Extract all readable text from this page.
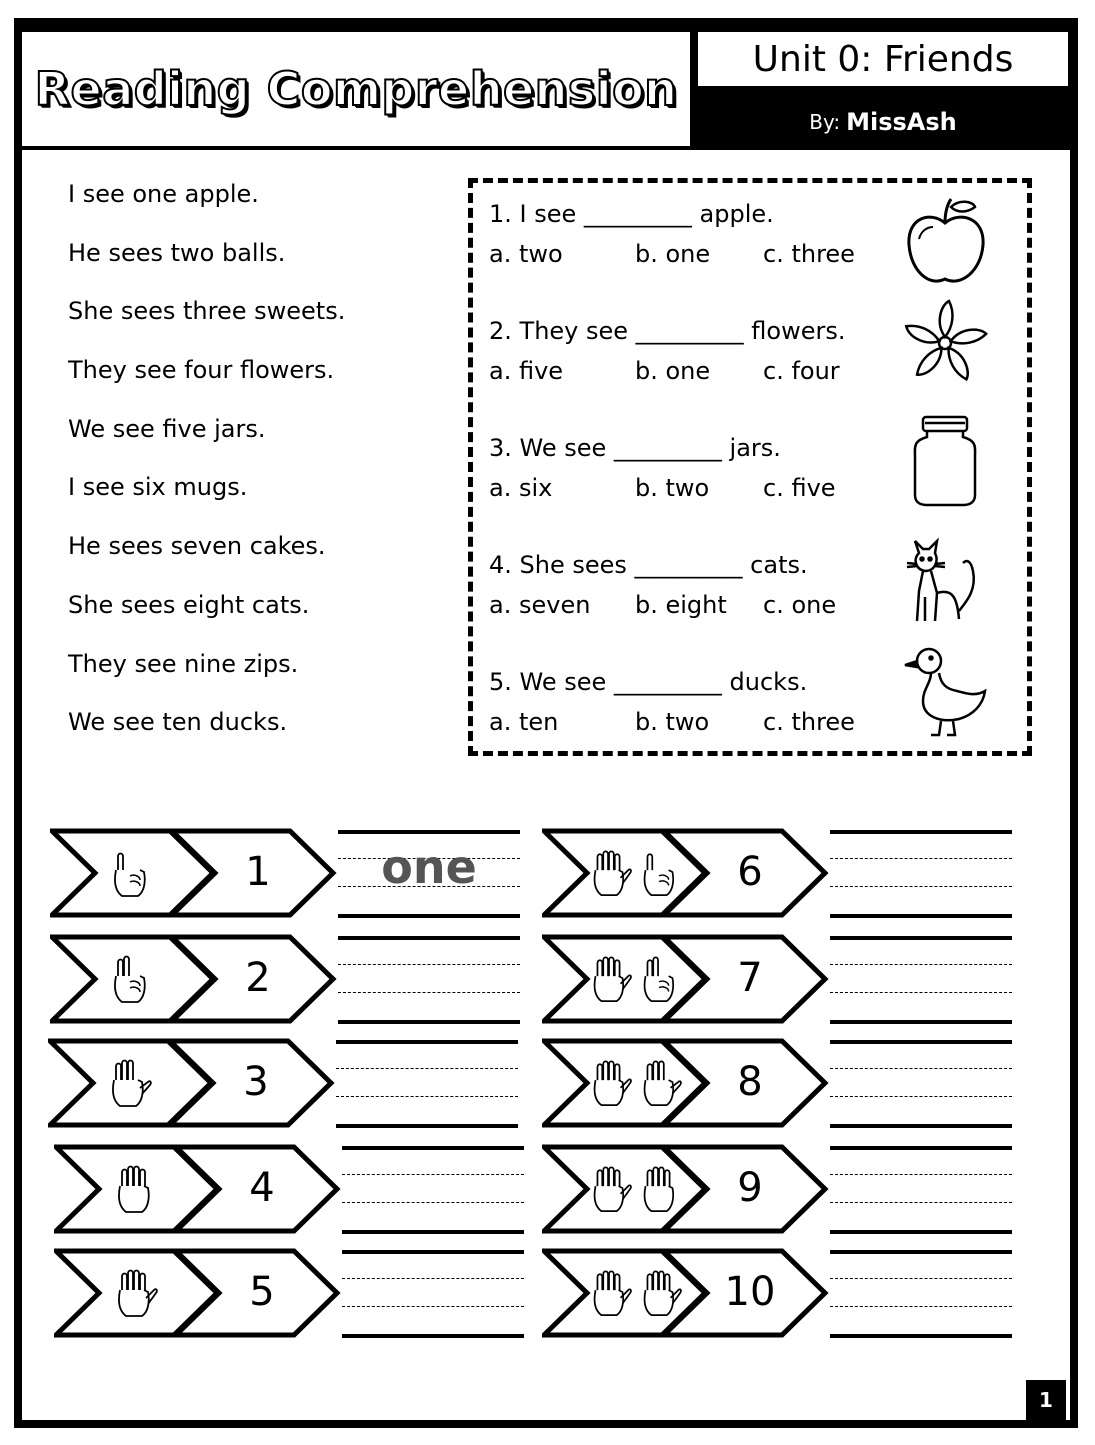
Reading Comprehension
Unit 0: Friends
By: MissAsh
I see one apple.
He sees two balls.
She sees three sweets.
They see four flowers.
We see five jars.
I see six mugs.
He sees seven cakes.
She sees eight cats.
They see nine zips.
We see ten ducks.
1. I see _________ apple.
a. two	b. one	c. three
2. They see _________ flowers.
a. five	b. one	c. four
3. We see _________ jars.
a. six	b. two	c. five
4. She sees _________ cats.
a. seven	b. eight	c. one
5. We see _________ ducks.
a. ten	b. two	c. three
1	one
2
3
4
5
6
7
8
9
10
1
